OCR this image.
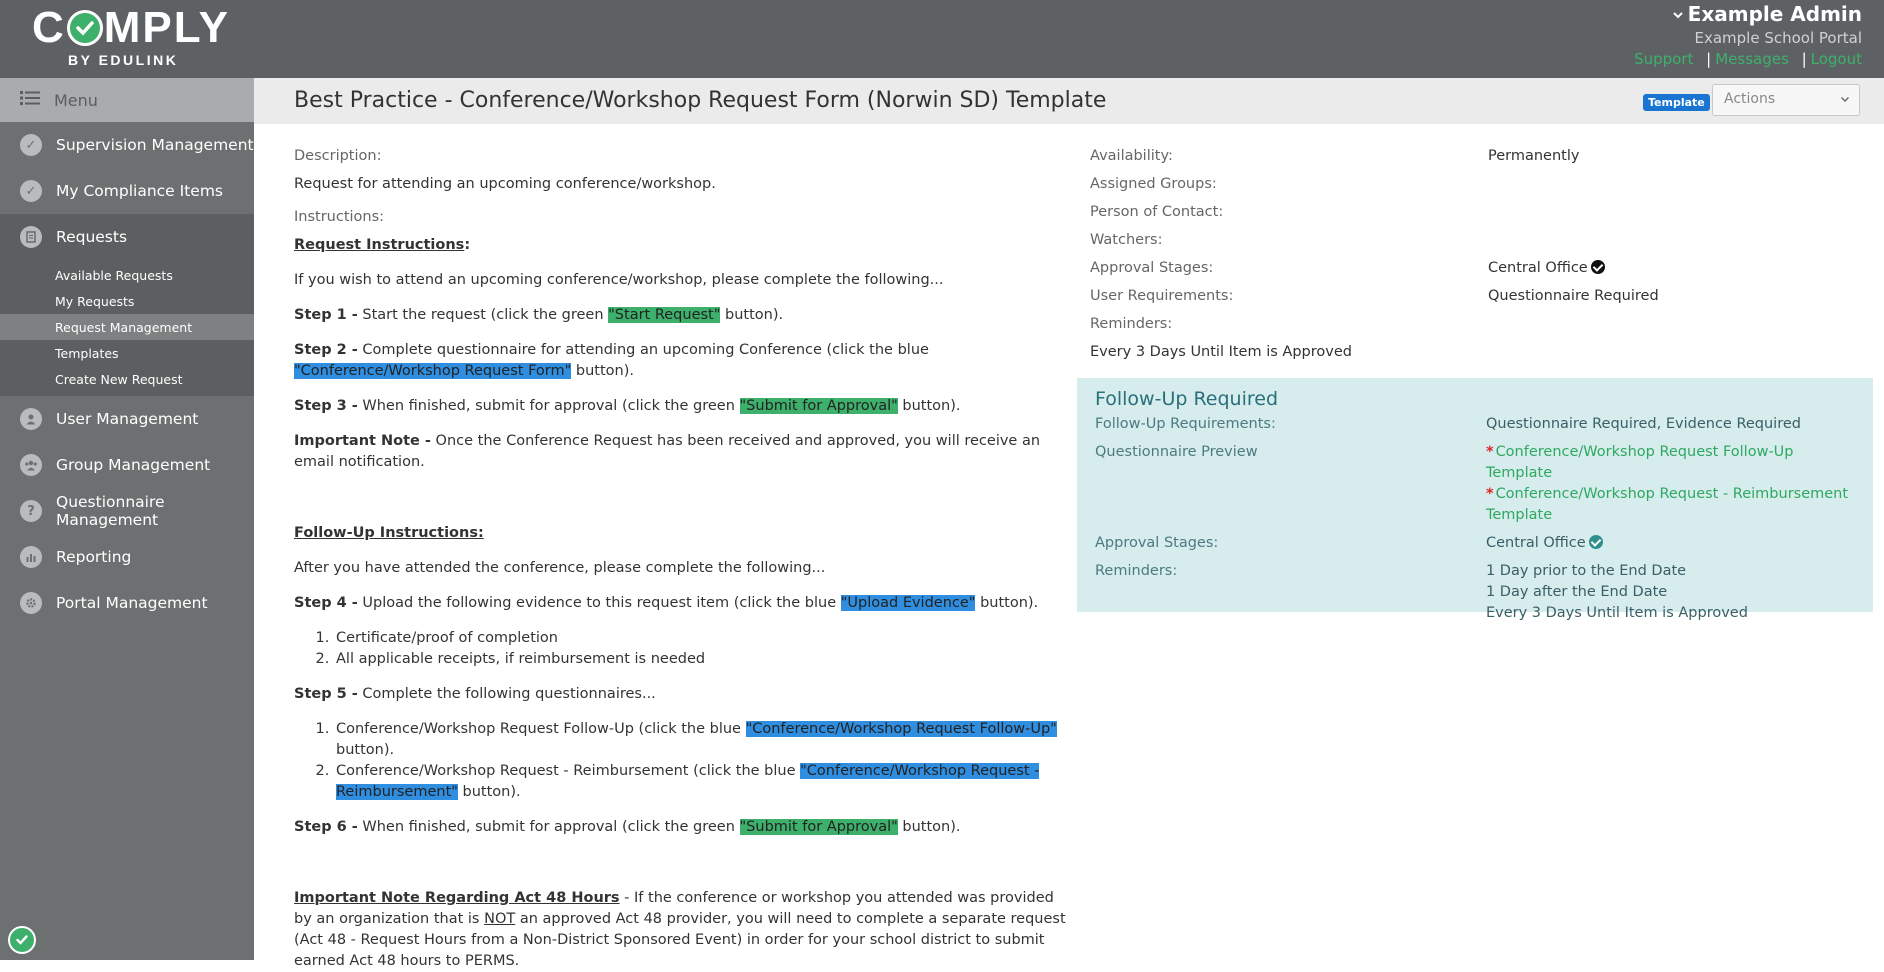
C MPLY
BY EDULINK
Example Admin
Example School Portal
Support | Messages | Logout
Menu
✓	Supervision Management
✓	My Compliance Items
Requests
Available Requests
My Requests
Request Management
Templates
Create New Request
User Management
Group Management
?	Questionnaire Management
Reporting
Portal Management
Best Practice - Conference/Workshop Request Form (Norwin SD) Template	Template	Actions
Description:
Request for attending an upcoming conference/workshop.
Instructions:
Request Instructions:
If you wish to attend an upcoming conference/workshop, please complete the following...
Step 1 - Start the request (click the green "Start Request" button).
Step 2 - Complete questionnaire for attending an upcoming Conference (click the blue "Conference/Workshop Request Form" button).
Step 3 - When finished, submit for approval (click the green "Submit for Approval" button).
Important Note - Once the Conference Request has been received and approved, you will receive an email notification.
Follow-Up Instructions:
After you have attended the conference, please complete the following...
Step 4 - Upload the following evidence to this request item (click the blue "Upload Evidence" button).
1. Certificate/proof of completion
2. All applicable receipts, if reimbursement is needed
Step 5 - Complete the following questionnaires...
1. Conference/Workshop Request Follow-Up (click the blue "Conference/Workshop Request Follow-Up" button).
2. Conference/Workshop Request - Reimbursement (click the blue "Conference/Workshop Request - Reimbursement" button).
Step 6 - When finished, submit for approval (click the green "Submit for Approval" button).
Important Note Regarding Act 48 Hours - If the conference or workshop you attended was provided by an organization that is NOT an approved Act 48 provider, you will need to complete a separate request (Act 48 - Request Hours from a Non-District Sponsored Event) in order for your school district to submit earned Act 48 hours to PERMS.
Availability:	Permanently
Assigned Groups:
Person of Contact:
Watchers:
Approval Stages:	Central Office
User Requirements:	Questionnaire Required
Reminders:
Every 3 Days Until Item is Approved
Follow-Up Required
Follow-Up Requirements:	Questionnaire Required, Evidence Required
Questionnaire Preview	* Conference/Workshop Request Follow-Up Template
* Conference/Workshop Request - Reimbursement Template
Approval Stages:	Central Office
Reminders:	1 Day prior to the End Date
1 Day after the End Date
Every 3 Days Until Item is Approved
